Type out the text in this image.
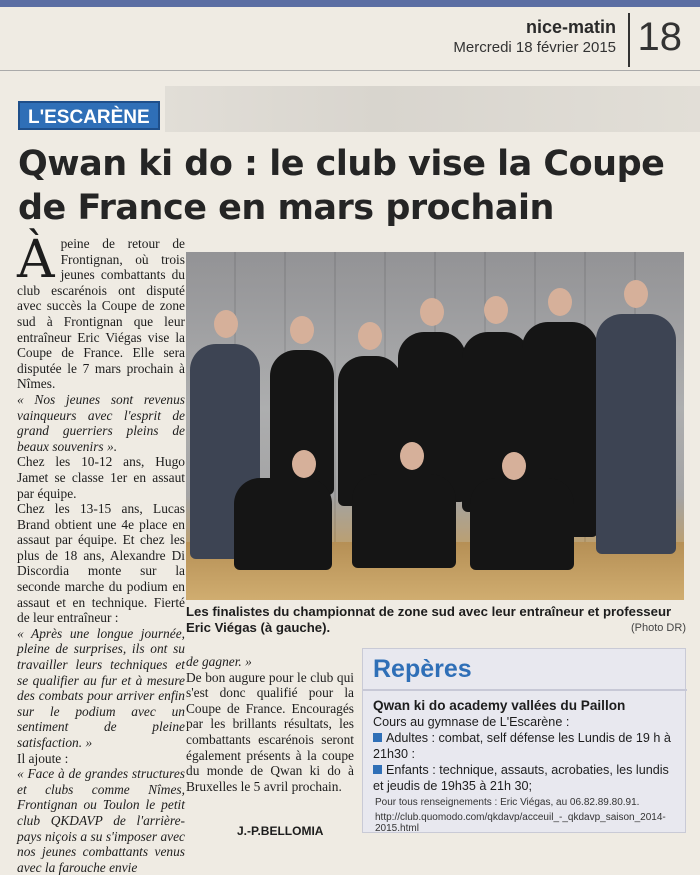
nice-matin
Mercredi 18 février 2015 18
L'ESCARÈNE
Qwan ki do : le club vise la Coupe de France en mars prochain
À peine de retour de Frontignan, où trois jeunes combattants du club escarénois ont disputé avec succès la Coupe de zone sud à Frontignan que leur entraîneur Eric Viégas vise la Coupe de France. Elle sera disputée le 7 mars prochain à Nîmes.

« Nos jeunes sont revenus vainqueurs avec l'esprit de grand guerriers pleins de beaux souvenirs ».

Chez les 10-12 ans, Hugo Jamet se classe 1er en assaut par équipe.

Chez les 13-15 ans, Lucas Brand obtient une 4e place en assaut par équipe. Et chez les plus de 18 ans, Alexandre Di Discordia monte sur la seconde marche du podium en assaut et en technique. Fierté de leur entraîneur :

« Après une longue journée, pleine de surprises, ils ont su travailler leurs techniques et se qualifier au fur et à mesure des combats pour arriver enfin sur le podium avec un sentiment de pleine satisfaction. »

Il ajoute :

« Face à de grandes structures et clubs comme Nîmes, Frontignan ou Toulon le petit club QKDAVP de l'arrière-pays niçois a su s'imposer avec nos jeunes combattants venus avec la farouche envie

Les finalistes du championnat de zone sud avec leur entraîneur et professeur Eric Viégas (à gauche).	(Photo DR)

de gagner. »

De bon augure pour le club qui s'est donc qualifié pour la Coupe de France. Encouragés par les brillants résultats, les combattants escarénois seront également présents à la coupe du monde de Qwan ki do à Bruxelles le 5 avril prochain.

J.-P.BELLOMIA
Repères
Qwan ki do academy vallées du Paillon
Cours au gymnase de L'Escarène :
Adultes : combat, self défense les Lundis de 19 h à 21h30 :
Enfants : technique, assauts, acrobaties, les lundis et jeudis de 19h35 à 21h 30;
Pour tous renseignements : Eric Viégas, au 06.82.89.80.91.
http://club.quomodo.com/qkdavp/acceuil_-_qkdavp_saison_2014-2015.html
